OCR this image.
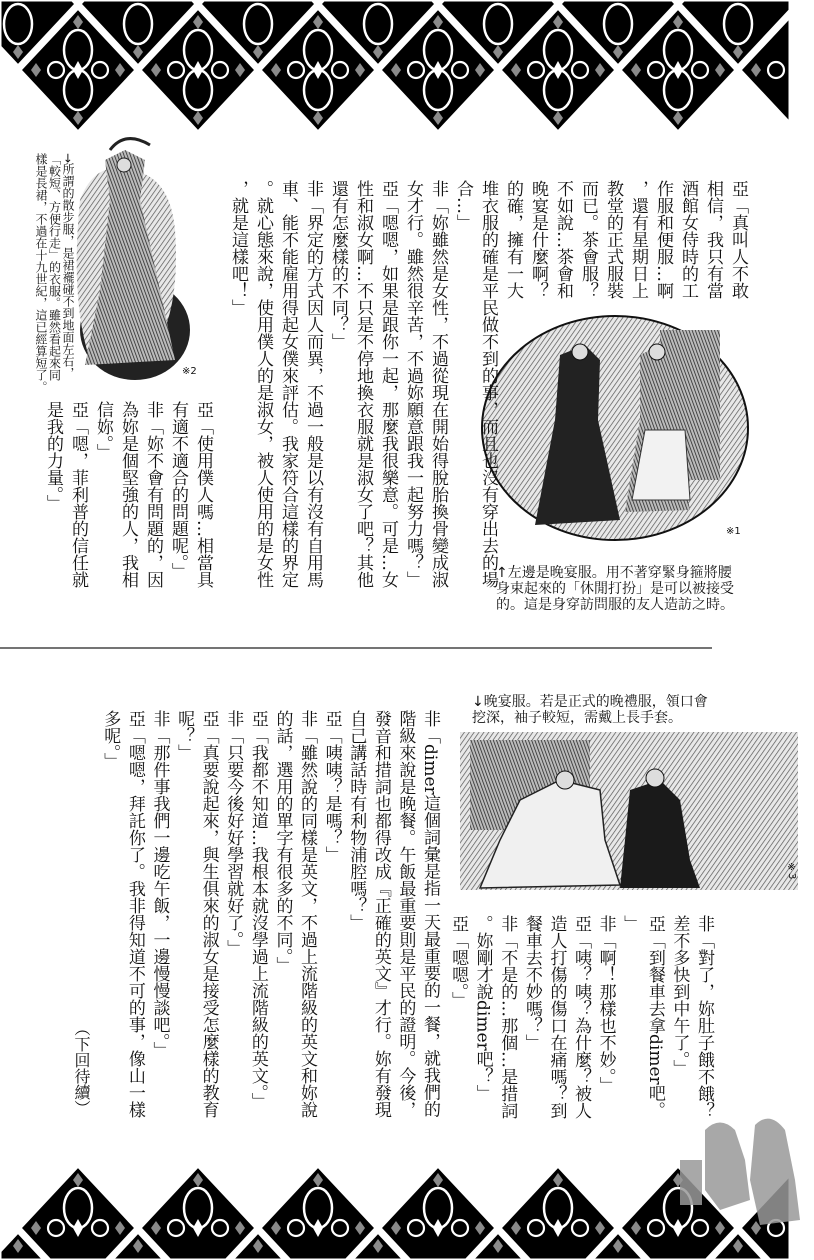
亞「真叫人不敢
相信，我只有當
酒館女侍時的工
作服和便服…啊
，還有星期日上
教堂的正式服裝
而已。茶會服？
不如說…茶會和
晚宴是什麼啊？
的確，擁有一大
堆衣服的確是平民做不到的事，而且也沒有穿出去的場
合…」
非「妳雖然是女性，不過從現在開始得脫胎換骨變成淑
女才行。雖然很辛苦，不過妳願意跟我一起努力嗎？」
亞「嗯嗯，如果是跟你一起，那麼我很樂意。可是…女
性和淑女啊…不只是不停地換衣服就是淑女了吧？其他
還有怎麼樣的不同？」
非「界定的方式因人而異，不過一般是以有沒有自用馬
車、能不能雇用得起女僕來評估。我家符合這樣的界定
。就心態來說，使用僕人的是淑女，被人使用的是女性
，就是這樣吧！」
亞「使用僕人嗎…相當具
有適不適合的問題呢。」
非「妳不會有問題的，因
為妳是個堅強的人，我相
信妳。」
亞「嗯，菲利普的信任就
是我的力量。」
非「對了，妳肚子餓不餓？
差不多快到中午了。」
亞「到餐車去拿dimer吧。
」
非「啊！那樣也不妙。」
亞「咦？咦？為什麼？被人
造人打傷的傷口在痛嗎？到
餐車去不妙嗎？」
非「不是的…那個…是措詞
。妳剛才說dimer吧？」
亞「嗯嗯。」
非「dimer這個詞彙是指一天最重要的一餐，就我們的
階級來說是晚餐。午飯最重要則是平民的證明。今後，
發音和措詞也都得改成『正確的英文』才行。妳有發現
自己講話時有利物浦腔嗎？」
亞「咦咦？是嗎？」
非「雖然說的同樣是英文，不過上流階級的英文和妳說
的話，選用的單字有很多的不同。」
亞「我都不知道…我根本就沒學過上流階級的英文。」
非「只要今後好好學習就好了。」
亞「真要說起來，與生俱來的淑女是接受怎麼樣的教育
呢？」
非「那件事我們一邊吃午飯，一邊慢慢談吧。」
亞「嗯嗯，拜託你了。我非得知道不可的事，像山一樣
多呢。」
（下回待續）
→所謂的散步服，是裙襬碰不到地面左右，
「較短、方便行走」的衣服。雖然看起來同
樣是長裙，不過在十九世紀，這已經算短了。
↑左邊是晚宴服。用不著穿緊身箍將腰
身束起來的「休閒打扮」是可以被接受
的。這是身穿訪問服的友人造訪之時。
↓晚宴服。若是正式的晚禮服，領口會
挖深，袖子較短，需戴上長手套。
※1
※2
※3
